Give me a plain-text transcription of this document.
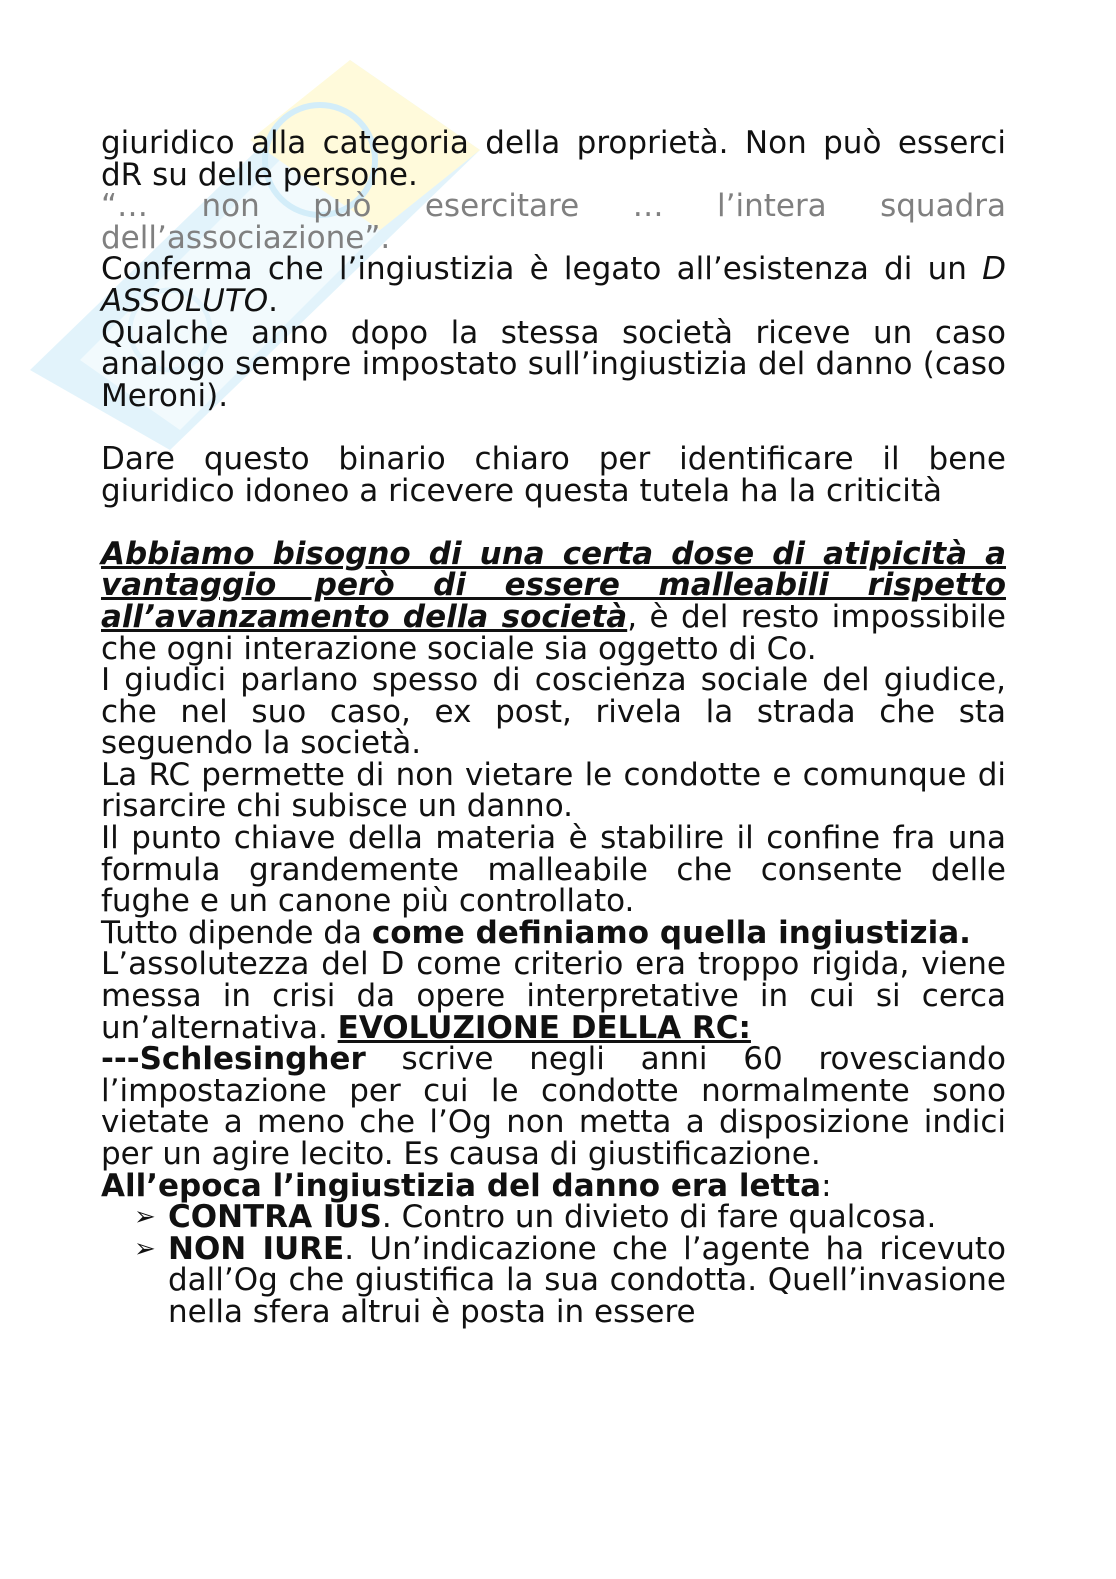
giuridico alla categoria della proprietà. Non può esserci dR su delle persone.

“… non può esercitare … l’intera squadra dell’associazione”.

Conferma che l’ingiustizia è legato all’esistenza di un D ASSOLUTO.

Qualche anno dopo la stessa società riceve un caso analogo sempre impostato sull’ingiustizia del danno (caso Meroni).

Dare questo binario chiaro per identificare il bene giuridico idoneo a ricevere questa tutela ha la criticità

Abbiamo bisogno di una certa dose di atipicità a vantaggio però di essere malleabili rispetto all’avanzamento della società, è del resto impossibile che ogni interazione sociale sia oggetto di Co.

I giudici parlano spesso di coscienza sociale del giudice, che nel suo caso, ex post, rivela la strada che sta seguendo la società.

La RC permette di non vietare le condotte e comunque di risarcire chi subisce un danno.

Il punto chiave della materia è stabilire il confine fra una formula grandemente malleabile che consente delle fughe e un canone più controllato.

Tutto dipende da come definiamo quella ingiustizia.

L’assolutezza del D come criterio era troppo rigida, viene messa in crisi da opere interpretative in cui si cerca un’alternativa. EVOLUZIONE DELLA RC:

---Schlesingher scrive negli anni 60 rovesciando l’impostazione per cui le condotte normalmente sono vietate a meno che l’Og non metta a disposizione indici per un agire lecito. Es causa di giustificazione.

All’epoca l’ingiustizia del danno era letta:

➢ CONTRA IUS. Contro un divieto di fare qualcosa.
➢ NON IURE. Un’indicazione che l’agente ha ricevuto dall’Og che giustifica la sua condotta. Quell’invasione nella sfera altrui è posta in essere
